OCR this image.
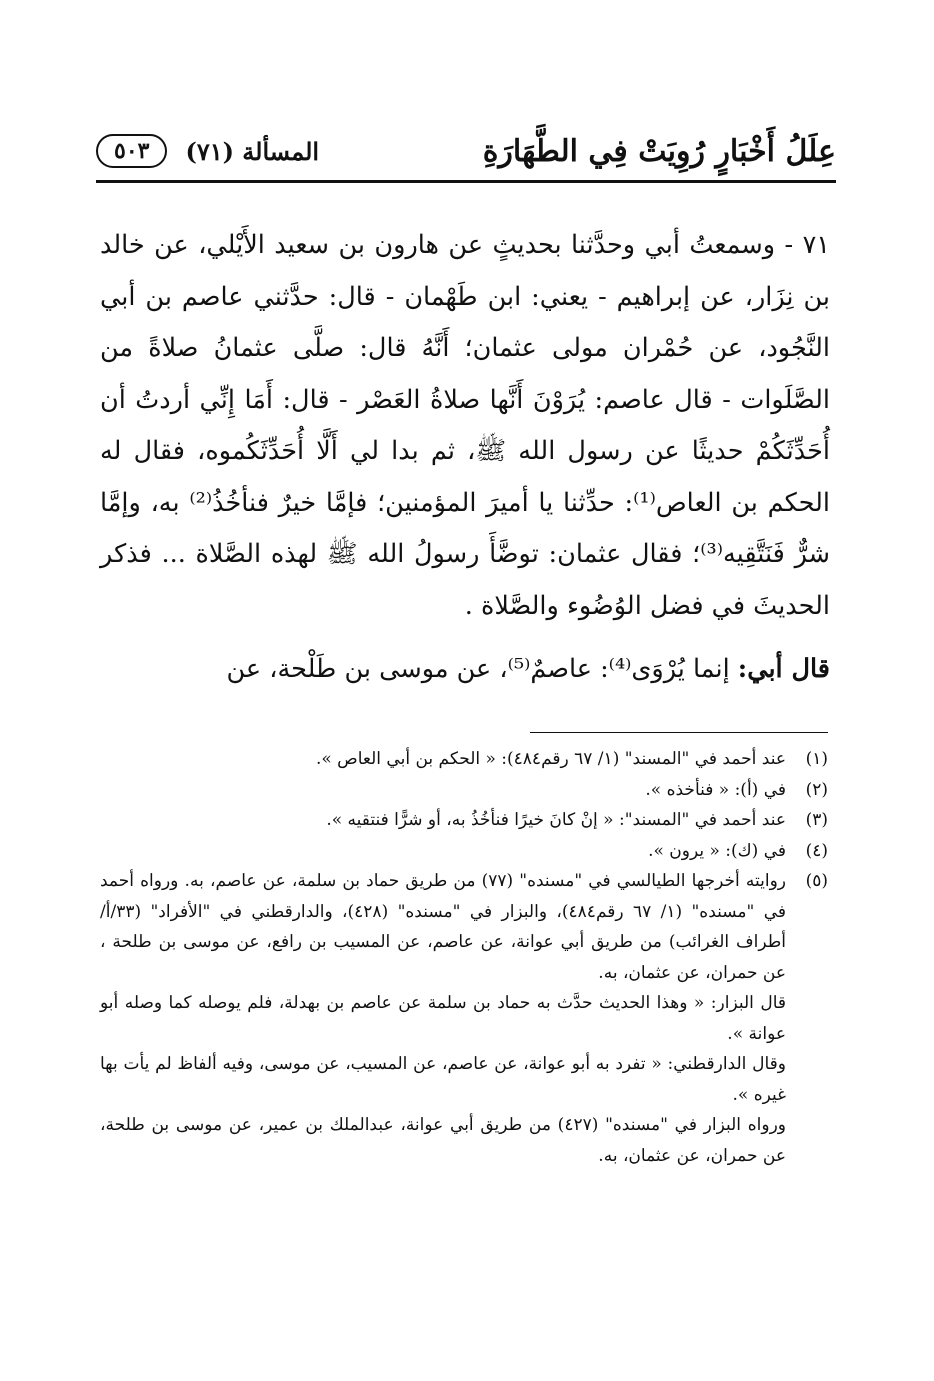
عِلَلُ أَخْبَارٍ رُوِيَتْ فِي الطَّهَارَةِ
المسألة (٧١)
٥٠٣

٧١ - وسمعتُ أبي وحدَّثنا بحديثٍ عن هارون بن سعيد الأَيْلي، عن خالد بن نِزَار، عن إبراهيم - يعني: ابن طَهْمان - قال: حدَّثني عاصم بن أبي النَّجُود، عن حُمْران مولى عثمان؛ أَنَّهُ قال: صلَّى عثمانُ صلاةً من الصَّلَوات - قال عاصم: يُرَوْنَ أَنَّها صلاةُ العَصْر - قال: أَمَا إِنِّي أردتُ أن أُحَدِّثَكُمْ حديثًا عن رسول الله ﷺ، ثم بدا لي أَلَّا أُحَدِّثَكُموه، فقال له الحكم بن العاص⁽¹⁾: حدِّثنا يا أميرَ المؤمنين؛ فإمَّا خيرٌ فنأخُذُ⁽²⁾ به، وإمَّا شرٌّ فَنَتَّقِيه⁽³⁾؛ فقال عثمان: توضَّأَ رسولُ الله ﷺ لهذه الصَّلاة ... فذكر الحديثَ في فضل الوُضُوء والصَّلاة .

قال أبي: إنما يُرْوَى⁽⁴⁾: عاصمٌ⁽⁵⁾، عن موسى بن طَلْحة، عن

(١)
عند أحمد في "المسند" (١/ ٦٧ رقم٤٨٤): « الحكم بن أبي العاص ».
(٢)
في (أ): « فنأخذه ».
(٣)
عند أحمد في "المسند": « إنْ كانَ خيرًا فنأخُذُ به، أو شرًّا فنتقيه ».
(٤)
في (ك): « يرون ».
(٥)
روايته أخرجها الطيالسي في "مسنده" (٧٧) من طريق حماد بن سلمة، عن عاصم، به. ورواه أحمد في "مسنده" (١/ ٦٧ رقم٤٨٤)، والبزار في "مسنده" (٤٢٨)، والدارقطني في "الأفراد" (٣٣/أ/أطراف الغرائب) من طريق أبي عوانة، عن عاصم، عن المسيب بن رافع، عن موسى بن طلحة ، عن حمران، عن عثمان، به.
قال البزار: « وهذا الحديث حدَّث به حماد بن سلمة عن عاصم بن بهدلة، فلم يوصله كما وصله أبو عوانة ».
وقال الدارقطني: « تفرد به أبو عوانة، عن عاصم، عن المسيب، عن موسى، وفيه ألفاظ لم يأت بها غيره ».
ورواه البزار في "مسنده" (٤٢٧) من طريق أبي عوانة، عبدالملك بن عمير، عن موسى بن طلحة، عن حمران، عن عثمان، به.
